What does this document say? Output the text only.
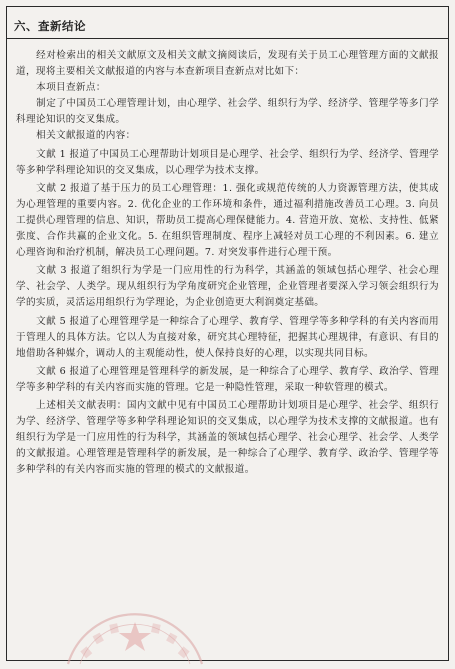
六、查新结论

经对检索出的相关文献原文及相关文献文摘阅读后，发现有关于员工心理管理方面的文献报道，现将主要相关文献报道的内容与本查新项目查新点对比如下：

本项目查新点：

制定了中国员工心理管理计划，由心理学、社会学、组织行为学、经济学、管理学等多门学科理论知识的交叉集成。

相关文献报道的内容：

文献 1 报道了中国员工心理帮助计划项目是心理学、社会学、组织行为学、经济学、管理学等多种学科理论知识的交叉集成，以心理学为技术支撑。

文献 2 报道了基于压力的员工心理管理：1. 强化或规范传统的人力资源管理方法，使其成为心理管理的重要内容。2. 优化企业的工作环境和条件，通过福利措施改善员工心理。3. 向员工提供心理管理的信息、知识，帮助员工提高心理保健能力。4. 营造开放、宽松、支持性、低紧张度、合作共赢的企业文化。5. 在组织管理制度、程序上减轻对员工心理的不利因素。6. 建立心理咨询和治疗机制，解决员工心理问题。7. 对突发事件进行心理干预。

文献 3 报道了组织行为学是一门应用性的行为科学，其涵盖的领域包括心理学、社会心理学、社会学、人类学。现从组织行为学角度研究企业管理，企业管理者要深入学习领会组织行为学的实质，灵活运用组织行为学理论，为企业创造更大利润奠定基础。

文献 5 报道了心理管理学是一种综合了心理学、教育学、管理学等多种学科的有关内容而用于管理人的具体方法。它以人为直接对象，研究其心理特征，把握其心理规律，有意识、有目的地借助各种媒介，调动人的主观能动性，使人保持良好的心理，以实现共同目标。

文献 6 报道了心理管理是管理科学的新发展，是一种综合了心理学、教育学、政治学、管理学等多种学科的有关内容而实施的管理。它是一种隐性管理，采取一种软管理的模式。

上述相关文献表明：国内文献中见有中国员工心理帮助计划项目是心理学、社会学、组织行为学、经济学、管理学等多种学科理论知识的交叉集成，以心理学为技术支撑的文献报道。也有组织行为学是一门应用性的行为科学，其涵盖的领域包括心理学、社会心理学、社会学、人类学的文献报道。心理管理是管理科学的新发展，是一种综合了心理学、教育学、政治学、管理学等多种学科的有关内容而实施的管理的模式的文献报道。
